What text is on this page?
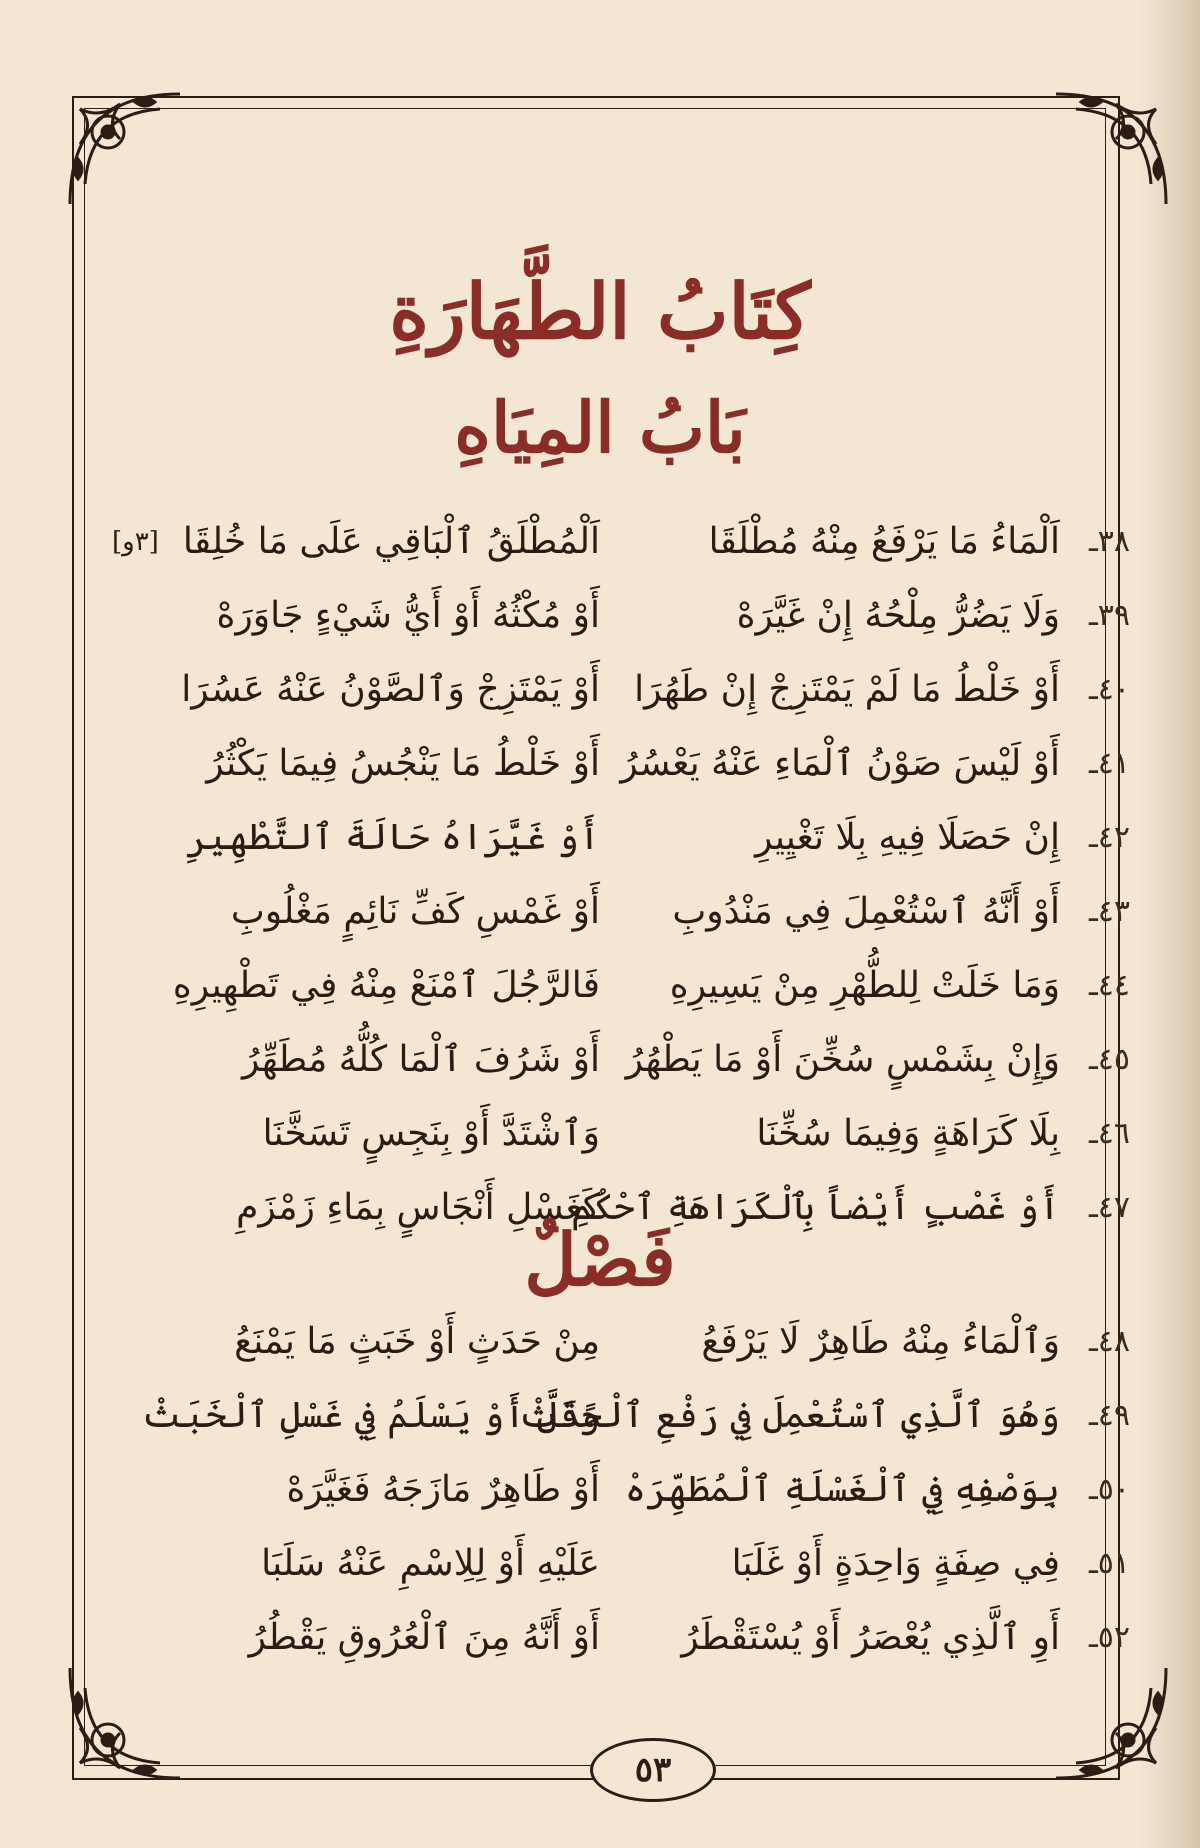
كِتَابُ الطَّهَارَةِ
بَابُ المِيَاهِ
[٣و]	٣٨ـ
اَلْمَاءُ مَا يَرْفَعُ مِنْهُ مُطْلَقَا
اَلْمُطْلَقُ ٱلْبَاقِي عَلَى مَا خُلِقَا
٣٩ـ
وَلَا يَضُرُّ مِلْحُهُ إِنْ غَيَّرَهْ
أَوْ مُكْثُهُ أَوْ أَيُّ شَيْءٍ جَاوَرَهْ
٤٠ـ
أَوْ خَلْطُ مَا لَمْ يَمْتَزِجْ إِنْ طَهُرَا
أَوْ يَمْتَزِجْ وَٱلصَّوْنُ عَنْهُ عَسُرَا
٤١ـ
أَوْ لَيْسَ صَوْنُ ٱلْمَاءِ عَنْهُ يَعْسُرُ
أَوْ خَلْطُ مَا يَنْجُسُ فِيمَا يَكْثُرُ
٤٢ـ
إِنْ حَصَلَا فِيهِ بِلَا تَغْيِيرِ
أَوْ غَيَّرَاهُ حَالَةَ ٱلتَّطْهِيرِ
٤٣ـ
أَوْ أَنَّهُ ٱسْتُعْمِلَ فِي مَنْدُوبِ
أَوْ غَمْسِ كَفِّ نَائِمٍ مَغْلُوبِ
٤٤ـ
وَمَا خَلَتْ لِلطُّهْرِ مِنْ يَسِيرِهِ
فَالرَّجُلَ ٱمْنَعْ مِنْهُ فِي تَطْهِيرِهِ
٤٥ـ
وَإِنْ بِشَمْسٍ سُخِّنَ أَوْ مَا يَطْهُرُ
أَوْ شَرُفَ ٱلْمَا كُلُّهُ مُطَهِّرُ
٤٦ـ
بِلَا كَرَاهَةٍ وَفِيمَا سُخِّنَا
وَٱشْتَدَّ أَوْ بِنَجِسٍ تَسَخَّنَا
٤٧ـ
أَوْ غَصْبٍ أَيْضاً بِٱلْكَرَاهَةِ ٱحْكُمِ
كَغَسْلِ أَنْجَاسٍ بِمَاءِ زَمْزَمِ
فَصْلٌ
٤٨ـ
وَٱلْمَاءُ مِنْهُ طَاهِرٌ لَا يَرْفَعُ
مِنْ حَدَثٍ أَوْ خَبَثٍ مَا يَمْنَعُ
٤٩ـ
وَهُوَ ٱلَّذِي ٱسْتُعْمِلَ فِي رَفْعِ ٱلْحَدَثْ
وَقَلَّ أَوْ يَسْلَمُ فِي غَسْلِ ٱلْخَبَثْ
٥٠ـ
بِوَصْفِهِ فِي ٱلْغَسْلَةِ ٱلْمُطَهِّرَهْ
أَوْ طَاهِرٌ مَازَجَهُ فَغَيَّرَهْ
٥١ـ
فِي صِفَةٍ وَاحِدَةٍ أَوْ غَلَبَا
عَلَيْهِ أَوْ لِلِاسْمِ عَنْهُ سَلَبَا
٥٢ـ
أَوِ ٱلَّذِي يُعْصَرُ أَوْ يُسْتَقْطَرُ
أَوْ أَنَّهُ مِنَ ٱلْعُرُوقِ يَقْطُرُ
٥٣
